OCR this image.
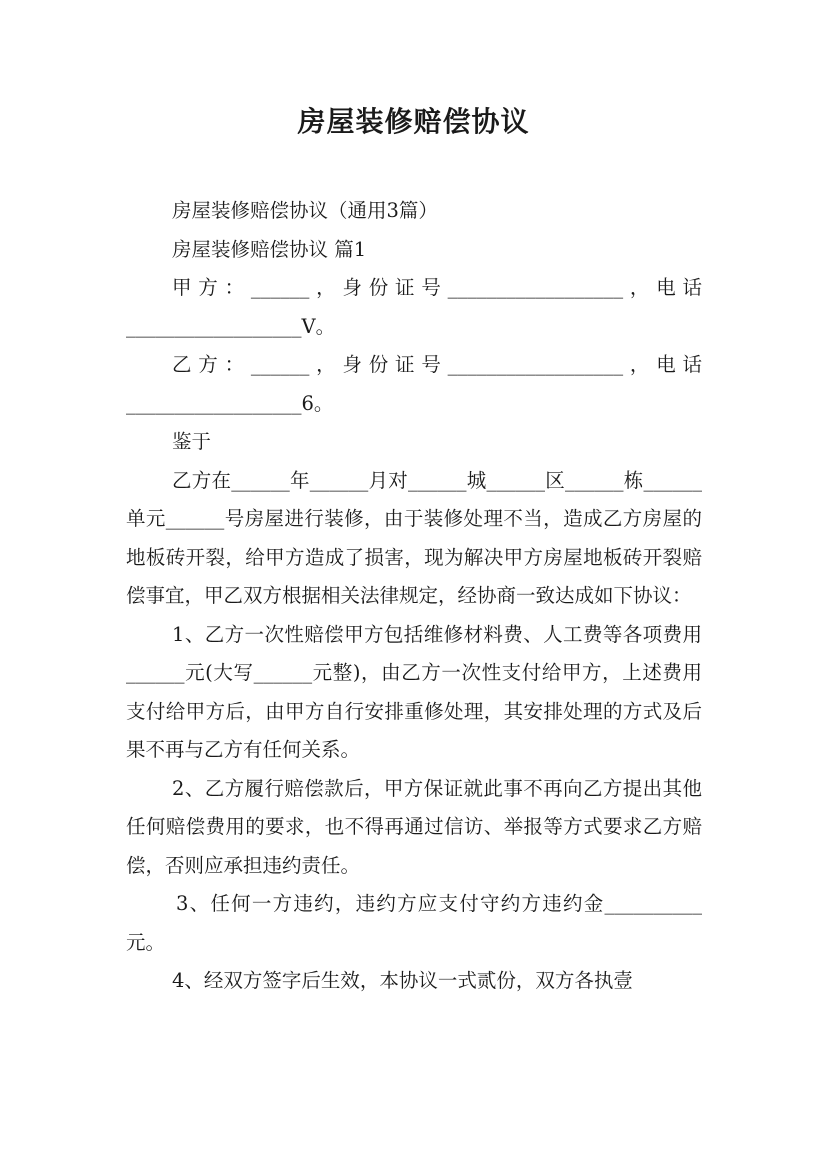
房屋装修赔偿协议

房屋装修赔偿协议（通用3篇）

房屋装修赔偿协议 篇1

甲方：______，身份证号__________________，电话__________________V。

乙方：______，身份证号__________________，电话__________________6。

鉴于

乙方在______年______月对______城______区______栋______单元______号房屋进行装修，由于装修处理不当，造成乙方房屋的地板砖开裂，给甲方造成了损害，现为解决甲方房屋地板砖开裂赔偿事宜，甲乙双方根据相关法律规定，经协商一致达成如下协议：

1、乙方一次性赔偿甲方包括维修材料费、人工费等各项费用______元(大写______元整)，由乙方一次性支付给甲方，上述费用支付给甲方后，由甲方自行安排重修处理，其安排处理的方式及后果不再与乙方有任何关系。

2、乙方履行赔偿款后，甲方保证就此事不再向乙方提出其他任何赔偿费用的要求，也不得再通过信访、举报等方式要求乙方赔偿，否则应承担违约责任。

3、任何一方违约，违约方应支付守约方违约金__________元。

4、经双方签字后生效，本协议一式贰份，双方各执壹
